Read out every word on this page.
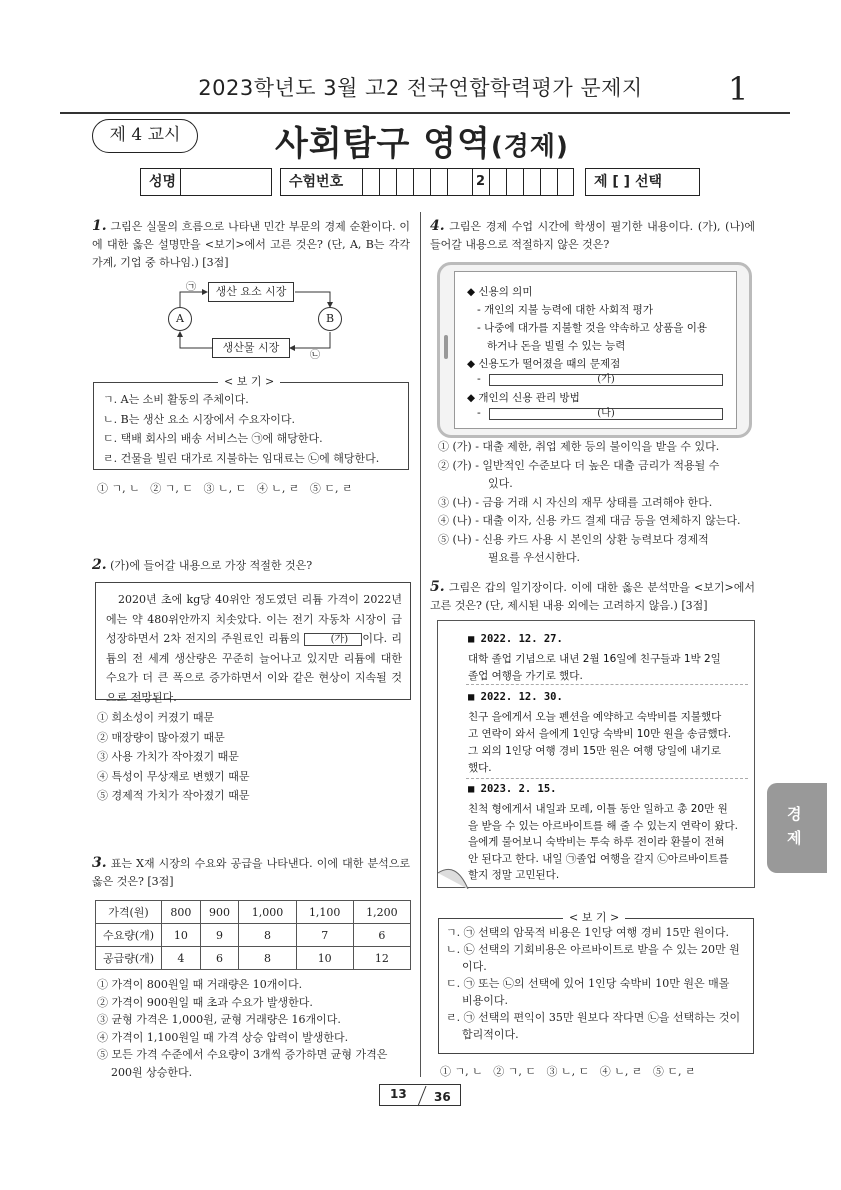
2023학년도 3월 고2 전국연합학력평가 문제지	1
제 4 교시	사회탐구 영역(경제)
성명	수험번호	2	제 [ ] 선택
1. 그림은 실물의 흐름으로 나타낸 민간 부문의 경제 순환이다. 이에 대한 옳은 설명만을 <보기>에서 고른 것은? (단, A, B는 각각 가계, 기업 중 하나임.) [3점]
생산 요소 시장
생산물 시장
A	B
㉠
㉡
< 보 기 >
ㄱ. A는 소비 활동의 주체이다.
ㄴ. B는 생산 요소 시장에서 수요자이다.
ㄷ. 택배 회사의 배송 서비스는 ㉠에 해당한다.
ㄹ. 건물을 빌린 대가로 지불하는 임대료는 ㉡에 해당한다.
① ㄱ, ㄴ   ② ㄱ, ㄷ   ③ ㄴ, ㄷ   ④ ㄴ, ㄹ   ⑤ ㄷ, ㄹ
2. (가)에 들어갈 내용으로 가장 적절한 것은?
2020년 초에 kg당 40위안 정도였던 리튬 가격이 2022년에는 약 480위안까지 치솟았다. 이는 전기 자동차 시장이 급성장하면서 2차 전지의 주원료인 리튬의	(가) 이다. 리튬의 전 세계 생산량은 꾸준히 늘어나고 있지만 리튬에 대한 수요가 더 큰 폭으로 증가하면서 이와 같은 현상이 지속될 것으로 전망된다.
① 희소성이 커졌기 때문
② 매장량이 많아졌기 때문
③ 사용 가치가 작아졌기 때문
④ 특성이 무상재로 변했기 때문
⑤ 경제적 가치가 작아졌기 때문
3. 표는 X재 시장의 수요와 공급을 나타낸다. 이에 대한 분석으로 옳은 것은? [3점]
가격(원)	800	900	1,000	1,100	1,200
수요량(개)	10	9	8	7	6
공급량(개)	4	6	8	10	12
① 가격이 800원일 때 거래량은 10개이다.
② 가격이 900원일 때 초과 수요가 발생한다.
③ 균형 가격은 1,000원, 균형 거래량은 16개이다.
④ 가격이 1,100원일 때 가격 상승 압력이 발생한다.
⑤ 모든 가격 수준에서 수요량이 3개씩 증가하면 균형 가격은
200원 상승한다.
4. 그림은 경제 수업 시간에 학생이 필기한 내용이다. (가), (나)에 들어갈 내용으로 적절하지 않은 것은?
◆ 신용의 의미
- 개인의 지불 능력에 대한 사회적 평가
- 나중에 대가를 지불할 것을 약속하고 상품을 이용
하거나 돈을 빌릴 수 있는 능력
◆ 신용도가 떨어졌을 때의 문제점
-	(가)
◆ 개인의 신용 관리 방법
-	(나)
① (가) - 대출 제한, 취업 제한 등의 불이익을 받을 수 있다.
② (가) - 일반적인 수준보다 더 높은 대출 금리가 적용될 수
있다.
③ (나) - 금융 거래 시 자신의 재무 상태를 고려해야 한다.
④ (나) - 대출 이자, 신용 카드 결제 대금 등을 연체하지 않는다.
⑤ (나) - 신용 카드 사용 시 본인의 상환 능력보다 경제적
필요를 우선시한다.
5. 그림은 갑의 일기장이다. 이에 대한 옳은 분석만을 <보기>에서 고른 것은? (단, 제시된 내용 외에는 고려하지 않음.) [3점]
■ 2022. 12. 27.
대학 졸업 기념으로 내년 2월 16일에 친구들과 1박 2일
졸업 여행을 가기로 했다.
■ 2022. 12. 30.
친구 을에게서 오늘 펜션을 예약하고 숙박비를 지불했다
고 연락이 와서 을에게 1인당 숙박비 10만 원을 송금했다.
그 외의 1인당 여행 경비 15만 원은 여행 당일에 내기로
했다.
■ 2023. 2. 15.
친척 형에게서 내일과 모레, 이틀 동안 일하고 총 20만 원
을 받을 수 있는 아르바이트를 해 줄 수 있는지 연락이 왔다.
을에게 물어보니 숙박비는 투숙 하루 전이라 환불이 전혀
안 된다고 한다. 내일 ㉠졸업 여행을 갈지 ㉡아르바이트를
할지 정말 고민된다.
< 보 기 >
ㄱ. ㉠ 선택의 암묵적 비용은 1인당 여행 경비 15만 원이다.
ㄴ. ㉡ 선택의 기회비용은 아르바이트로 받을 수 있는 20만 원
이다.
ㄷ. ㉠ 또는 ㉡의 선택에 있어 1인당 숙박비 10만 원은 매몰
비용이다.
ㄹ. ㉠ 선택의 편익이 35만 원보다 작다면 ㉡을 선택하는 것이
합리적이다.
① ㄱ, ㄴ   ② ㄱ, ㄷ   ③ ㄴ, ㄷ   ④ ㄴ, ㄹ   ⑤ ㄷ, ㄹ
경
제
13 36
